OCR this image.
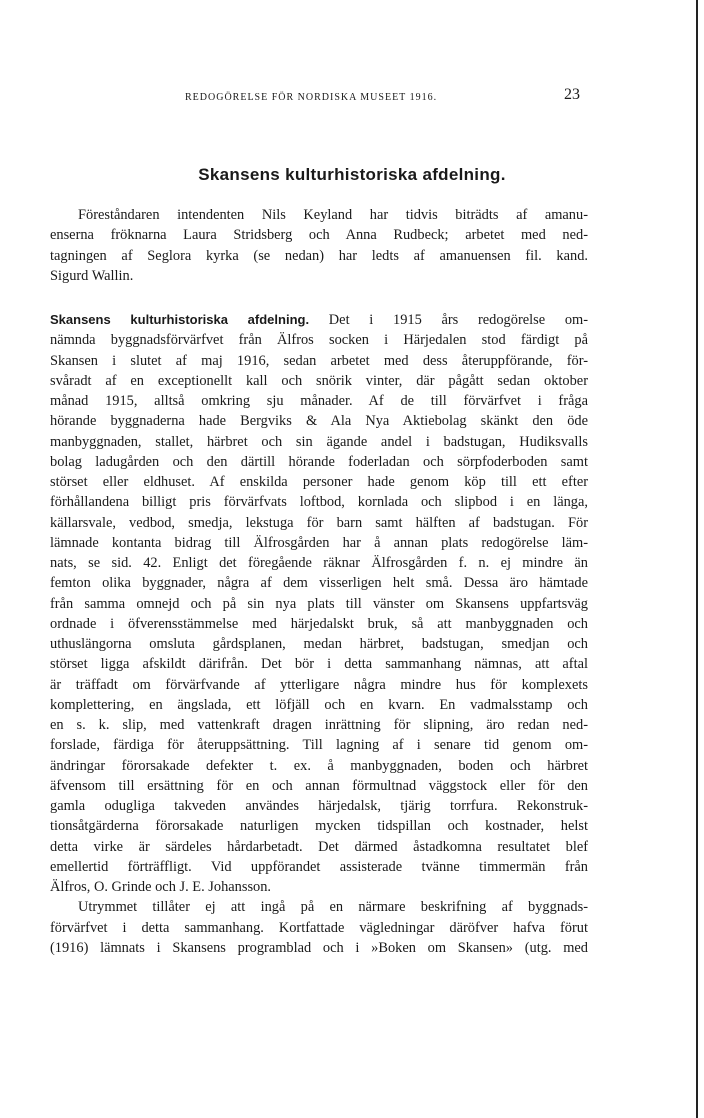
REDOGÖRELSE FÖR NORDISKA MUSEET 1916.	23
Skansens kulturhistoriska afdelning.
Föreståndaren intendenten Nils Keyland har tidvis biträdts af amanu-
enserna fröknarna Laura Stridsberg och Anna Rudbeck; arbetet med ned-
tagningen af Seglora kyrka (se nedan) har ledts af amanuensen fil. kand.
Sigurd Wallin.
Skansens kulturhistoriska afdelning. Det i 1915 års redogörelse om-
nämnda byggnadsförvärfvet från Älfros socken i Härjedalen stod färdigt på
Skansen i slutet af maj 1916, sedan arbetet med dess återuppförande, för-
svåradt af en exceptionellt kall och snörik vinter, där pågått sedan oktober
månad 1915, alltså omkring sju månader. Af de till förvärfvet i fråga
hörande byggnaderna hade Bergviks & Ala Nya Aktiebolag skänkt den öde
manbyggnaden, stallet, härbret och sin ägande andel i badstugan, Hudiksvalls
bolag ladugården och den därtill hörande foderladan och sörpfoderboden samt
störset eller eldhuset. Af enskilda personer hade genom köp till ett efter
förhållandena billigt pris förvärfvats loftbod, kornlada och slipbod i en länga,
källarsvale, vedbod, smedja, lekstuga för barn samt hälften af badstugan. För
lämnade kontanta bidrag till Älfrosgården har å annan plats redogörelse läm-
nats, se sid. 42. Enligt det föregående räknar Älfrosgården f. n. ej mindre än
femton olika byggnader, några af dem visserligen helt små. Dessa äro hämtade
från samma omnejd och på sin nya plats till vänster om Skansens uppfartsväg
ordnade i öfverensstämmelse med härjedalskt bruk, så att manbyggnaden och
uthuslängorna omsluta gårdsplanen, medan härbret, badstugan, smedjan och
störset ligga afskildt därifrån. Det bör i detta sammanhang nämnas, att aftal
är träffadt om förvärfvande af ytterligare några mindre hus för komplexets
komplettering, en ängslada, ett löfjäll och en kvarn. En vadmalsstamp och
en s. k. slip, med vattenkraft dragen inrättning för slipning, äro redan ned-
forslade, färdiga för återuppsättning. Till lagning af i senare tid genom om-
ändringar förorsakade defekter t. ex. å manbyggnaden, boden och härbret
äfvensom till ersättning för en och annan förmultnad väggstock eller för den
gamla odugliga takveden användes härjedalsk, tjärig torrfura. Rekonstruk-
tionsåtgärderna förorsakade naturligen mycken tidspillan och kostnader, helst
detta virke är särdeles hårdarbetadt. Det därmed åstadkomna resultatet blef
emellertid förträffligt. Vid uppförandet assisterade tvänne timmermän från
Älfros, O. Grinde och J. E. Johansson.
Utrymmet tillåter ej att ingå på en närmare beskrifning af byggnads-
förvärfvet i detta sammanhang. Kortfattade vägledningar däröfver hafva förut
(1916) lämnats i Skansens programblad och i »Boken om Skansen» (utg. med
